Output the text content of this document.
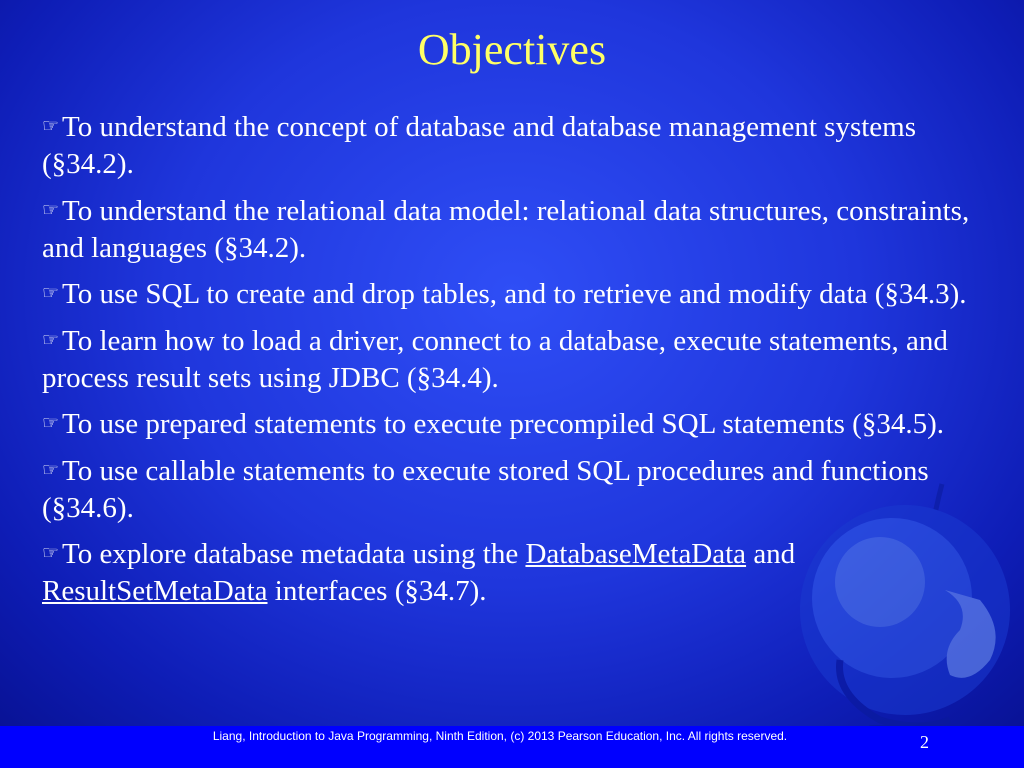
Objectives
☞ To understand the concept of database and database management systems (§34.2).
☞ To understand the relational data model: relational data structures, constraints, and languages (§34.2).
☞ To use SQL to create and drop tables, and to retrieve and modify data (§34.3).
☞ To learn how to load a driver, connect to a database, execute statements, and process result sets using JDBC (§34.4).
☞ To use prepared statements to execute precompiled SQL statements (§34.5).
☞ To use callable statements to execute stored SQL procedures and functions (§34.6).
☞ To explore database metadata using the DatabaseMetaData and ResultSetMetaData interfaces (§34.7).
Liang, Introduction to Java Programming, Ninth Edition, (c) 2013 Pearson Education, Inc. All rights reserved.	2
